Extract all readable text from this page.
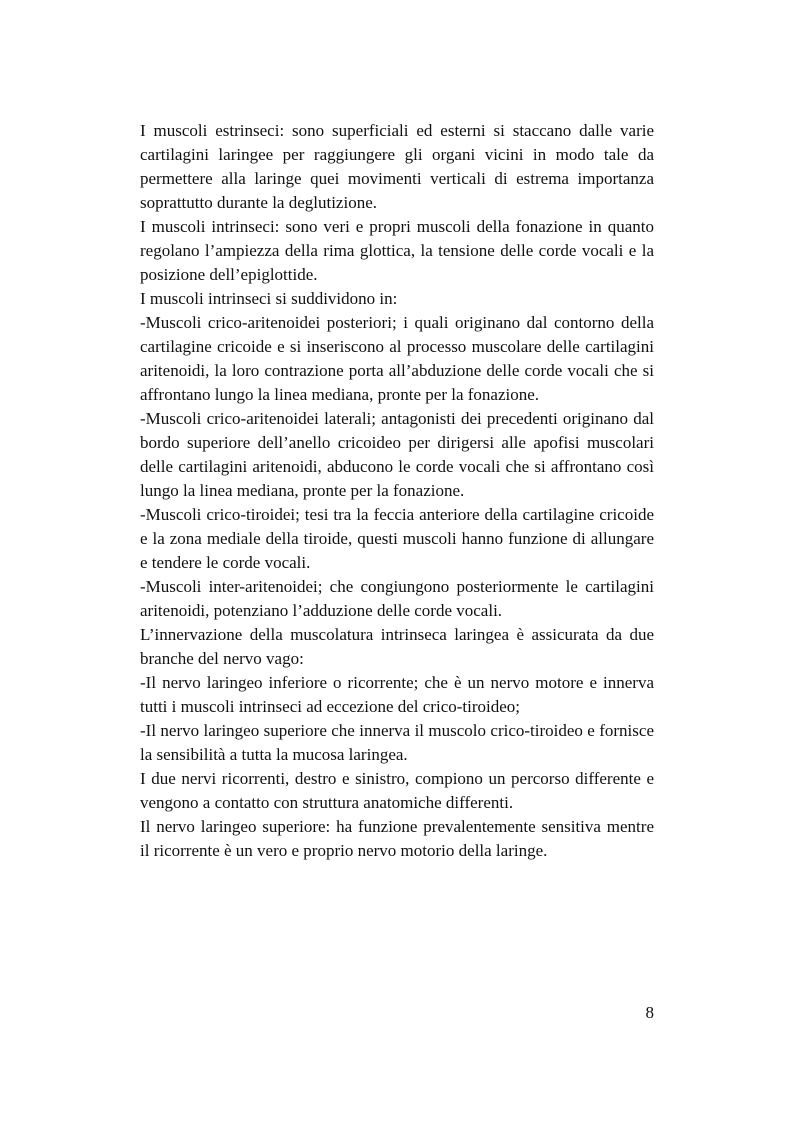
I muscoli estrinseci: sono superficiali ed esterni si staccano dalle varie cartilagini laringee per raggiungere gli organi vicini in modo tale da permettere alla laringe quei movimenti verticali di estrema importanza soprattutto durante la deglutizione.

I muscoli intrinseci: sono veri e propri muscoli della fonazione in quanto regolano l’ampiezza della rima glottica, la tensione delle corde vocali e la posizione dell’epiglottide.

I muscoli intrinseci si suddividono in:

-Muscoli crico-aritenoidei posteriori; i quali originano dal contorno della cartilagine cricoide e si inseriscono al processo muscolare delle cartilagini aritenoidi, la loro contrazione porta all’abduzione delle corde vocali che si affrontano lungo la linea mediana, pronte per la fonazione.

-Muscoli crico-aritenoidei laterali; antagonisti dei precedenti originano dal bordo superiore dell’anello cricoideo per dirigersi alle apofisi muscolari delle cartilagini aritenoidi, abducono le corde vocali che si affrontano così lungo la linea mediana, pronte per la fonazione.

-Muscoli crico-tiroidei; tesi tra la feccia anteriore della cartilagine cricoide e la zona mediale della tiroide, questi muscoli hanno funzione di allungare e tendere le corde vocali.

-Muscoli inter-aritenoidei; che congiungono posteriormente le cartilagini aritenoidi, potenziano l’adduzione delle corde vocali.

L’innervazione della muscolatura intrinseca laringea è assicurata da due branche del nervo vago:

-Il nervo laringeo inferiore o ricorrente; che è un nervo motore e innerva tutti i muscoli intrinseci ad eccezione del crico-tiroideo;

-Il nervo laringeo superiore che innerva il muscolo crico-tiroideo e fornisce la sensibilità a tutta la mucosa laringea.

I due nervi ricorrenti, destro e sinistro, compiono un percorso differente e vengono a contatto con struttura anatomiche differenti.

Il nervo laringeo superiore: ha funzione prevalentemente sensitiva mentre il ricorrente è un vero e proprio nervo motorio della laringe.

8
